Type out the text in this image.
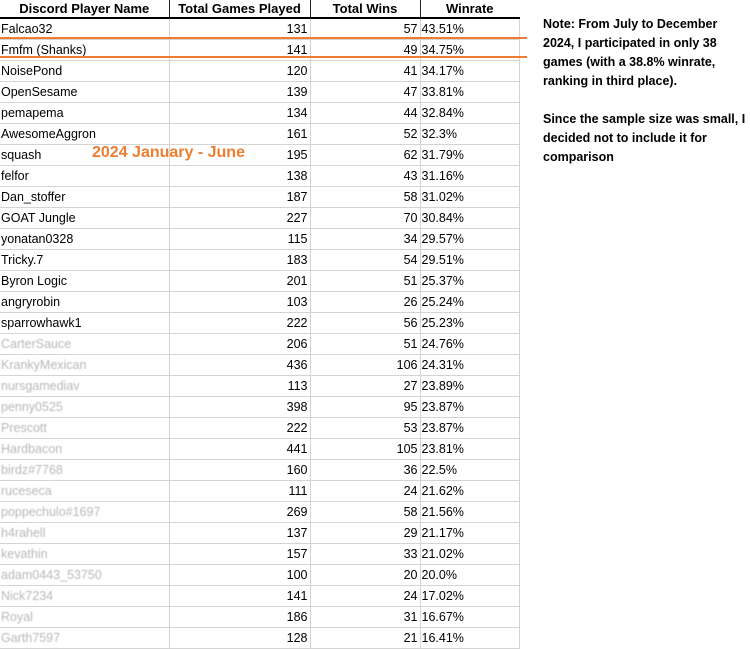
Discord Player Name	Total Games Played	Total Wins	Winrate
Falcao32	131	57	43.51%
Fmfm (Shanks)	141	49	34.75%
NoisePond	120	41	34.17%
OpenSesame	139	47	33.81%
pemapema	134	44	32.84%
AwesomeAggron	161	52	32.3%
squash	195	62	31.79%
felfor	138	43	31.16%
Dan_stoffer	187	58	31.02%
GOAT Jungle	227	70	30.84%
yonatan0328	115	34	29.57%
Tricky.7	183	54	29.51%
Byron Logic	201	51	25.37%
angryrobin	103	26	25.24%
sparrowhawk1	222	56	25.23%
CarterSauce	206	51	24.76%
KrankyMexican	436	106	24.31%
nursgamediav	113	27	23.89%
penny0525	398	95	23.87%
Prescott	222	53	23.87%
Hardbacon	441	105	23.81%
birdz#7768	160	36	22.5%
ruceseca	111	24	21.62%
poppechulo#1697	269	58	21.56%
h4rahell	137	29	21.17%
kevathin	157	33	21.02%
adam0443_53750	100	20	20.0%
Nick7234	141	24	17.02%
Royal	186	31	16.67%
Garth7597	128	21	16.41%
2024 January - June

Note: From July to December 2024, I participated in only 38 games (with a 38.8% winrate, ranking in third place).

Since the sample size was small, I decided not to include it for comparison
